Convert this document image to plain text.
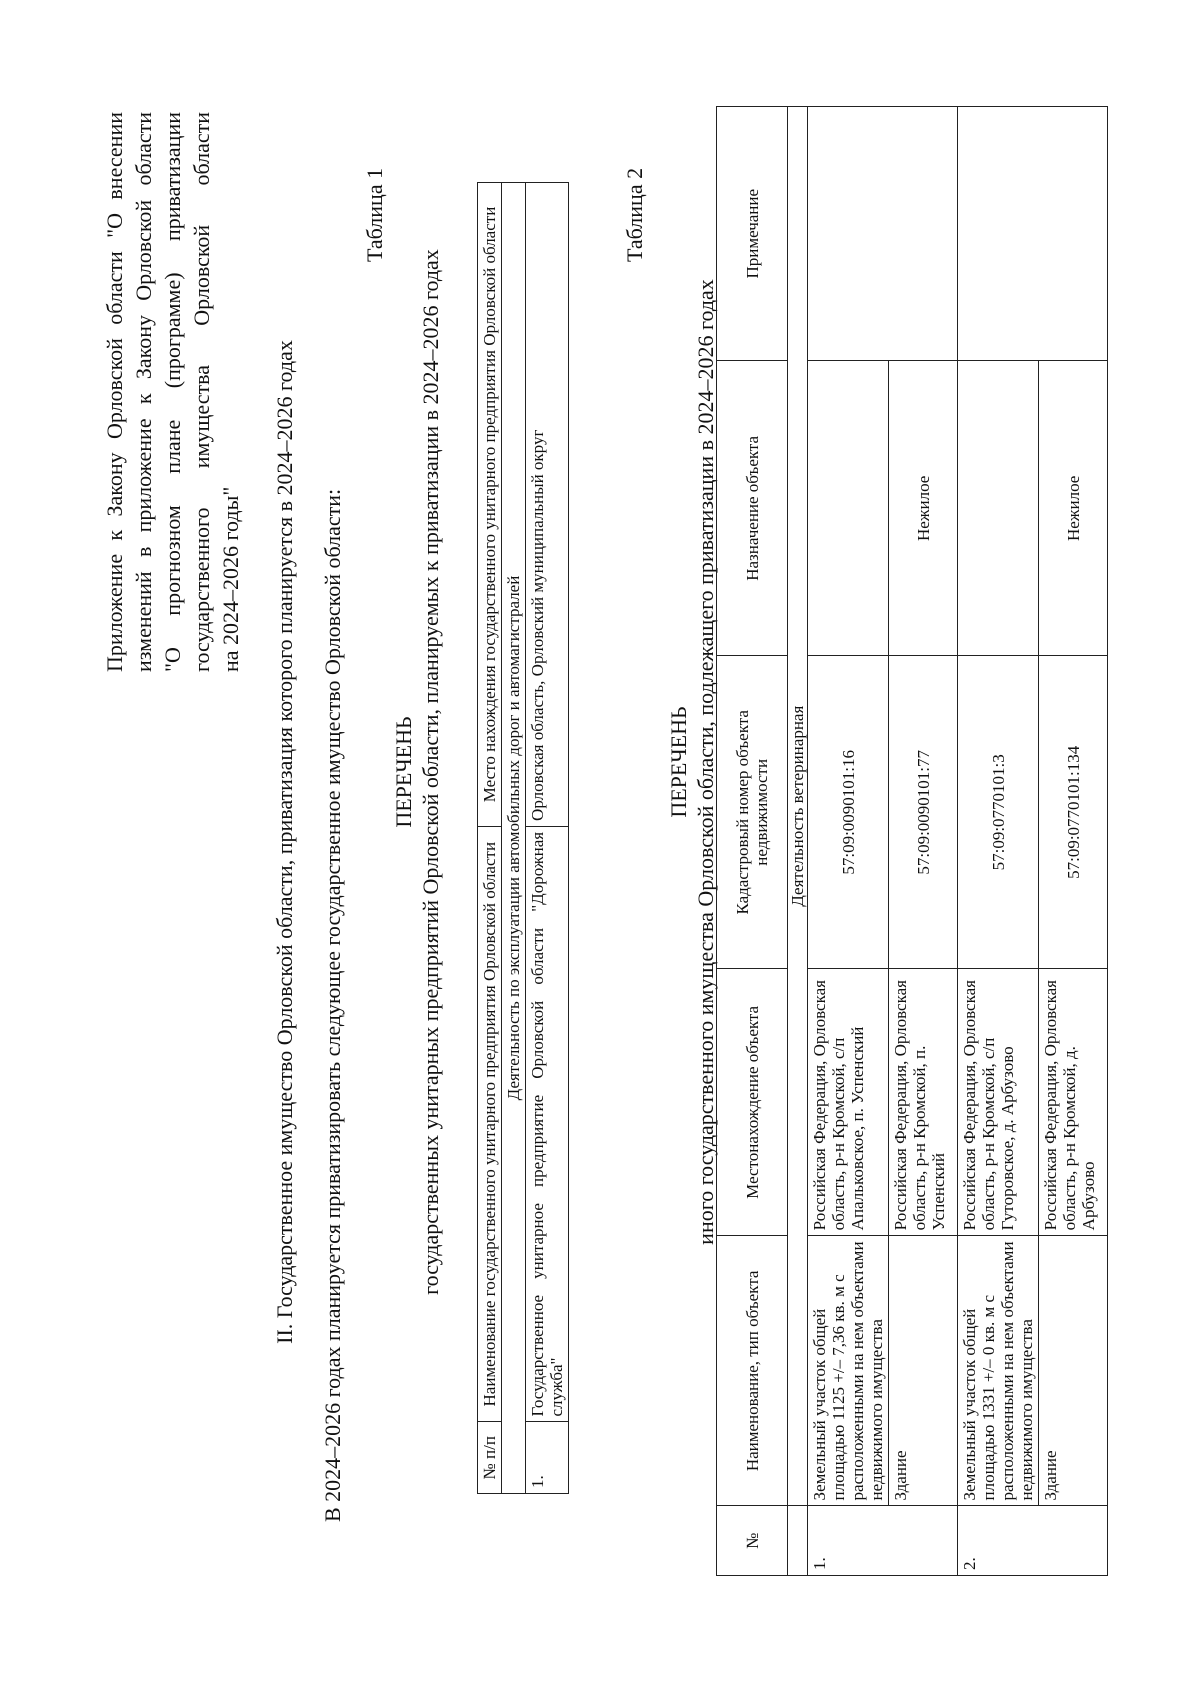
Приложение к Закону Орловской области "О внесении изменений в приложение к Закону Орловской области "О прогнозном плане (программе) приватизации государственного имущества Орловской области на 2024–2026 годы" II. Государственное имущество Орловской области, приватизация которого планируется в 2024–2026 годах В 2024–2026 годах планируется приватизировать следующее государственное имущество Орловской области:
Таблица 1
ПЕРЕЧЕНЬ государственных унитарных предприятий Орловской области, планируемых к приватизации в 2024–2026 годах
№ п/п	Наименование государственного унитарного предприятия Орловской области	Место нахождения государственного унитарного предприятия Орловской области
Деятельность по эксплуатации автомобильных дорог и автомагистралей		
1.	Государственное унитарное предприятие Орловской области "Дорожная служба"	Орловская область, Орловский муниципальный округ
Таблица 2
ПЕРЕЧЕНЬ иного государственного имущества Орловской области, подлежащего приватизации в 2024–2026 годах
№	Наименование, тип объекта	Местонахождение объекта	Кадастровый номер объекта недвижимости	Назначение объекта	Примечание
	Деятельность ветеринарная				
1.	Земельный участок общей площадью 1125 +/– 7,36 кв. м с расположенными на нем объектами недвижимого имущества	Российская Федерация, Орловская область, р-н Кромской, с/п Апальковское, п. Успенский	57:09:0090101:16		
	Здание	Российская Федерация, Орловская область, р-н Кромской, п. Успенский	57:09:0090101:77	Нежилое	
2.	Земельный участок общей площадью 1331 +/– 0 кв. м с расположенными на нем объектами недвижимого имущества	Российская Федерация, Орловская область, р-н Кромской, с/п Гуторовское, д. Арбузово	57:09:0770101:3		
	Здание	Российская Федерация, Орловская область, р-н Кромской, д. Арбузово	57:09:0770101:134	Нежилое	
